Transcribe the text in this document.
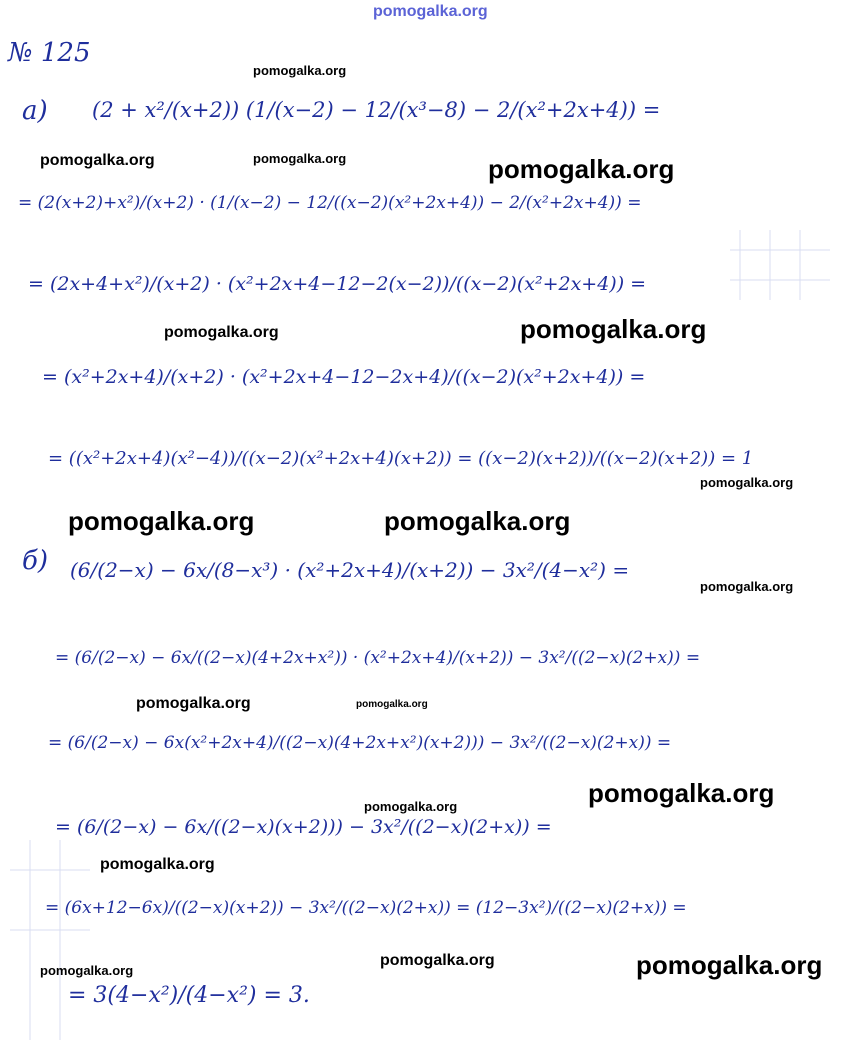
pomogalka.org
№ 125
а) (2 + x²/(x+2)) (1/(x−2) − 12/(x³−8) − 2/(x²+2x+4)) =
= (2(x+2)+x²)/(x+2) · (1/(x−2) − 12/((x−2)(x²+2x+4)) − 2/(x²+2x+4)) =
= (2x+4+x²)/(x+2) · (x²+2x+4−12−2(x−2))/((x−2)(x²+2x+4)) =
= (x²+2x+4)/(x+2) · (x²+2x+4−12−2x+4)/((x−2)(x²+2x+4)) =
= ((x²+2x+4)(x²−4))/((x−2)(x²+2x+4)(x+2)) = ((x−2)(x+2))/((x−2)(x+2)) = 1
б) (6/(2−x) − 6x/(8−x³) · (x²+2x+4)/(x+2)) − 3x²/(4−x²) =
= (6/(2−x) − 6x/((2−x)(4+2x+x²)) · (x²+2x+4)/(x+2)) − 3x²/((2−x)(2+x)) =
= (6/(2−x) − 6x(x²+2x+4)/((2−x)(4+2x+x²)(x+2))) − 3x²/((2−x)(2+x)) =
= (6/(2−x) − 6x/((2−x)(x+2))) − 3x²/((2−x)(2+x)) =
= (6x+12−6x)/((2−x)(x+2)) − 3x²/((2−x)(2+x)) = (12−3x²)/((2−x)(2+x)) =
= 3(4−x²)/(4−x²) = 3.
pomogalka.org
pomogalka.org	pomogalka.org	pomogalka.org
pomogalka.org	pomogalka.org
pomogalka.org
pomogalka.org	pomogalka.org
pomogalka.org
pomogalka.org	pomogalka.org
pomogalka.org	pomogalka.org
pomogalka.org
pomogalka.org
pomogalka.org	pomogalka.org
